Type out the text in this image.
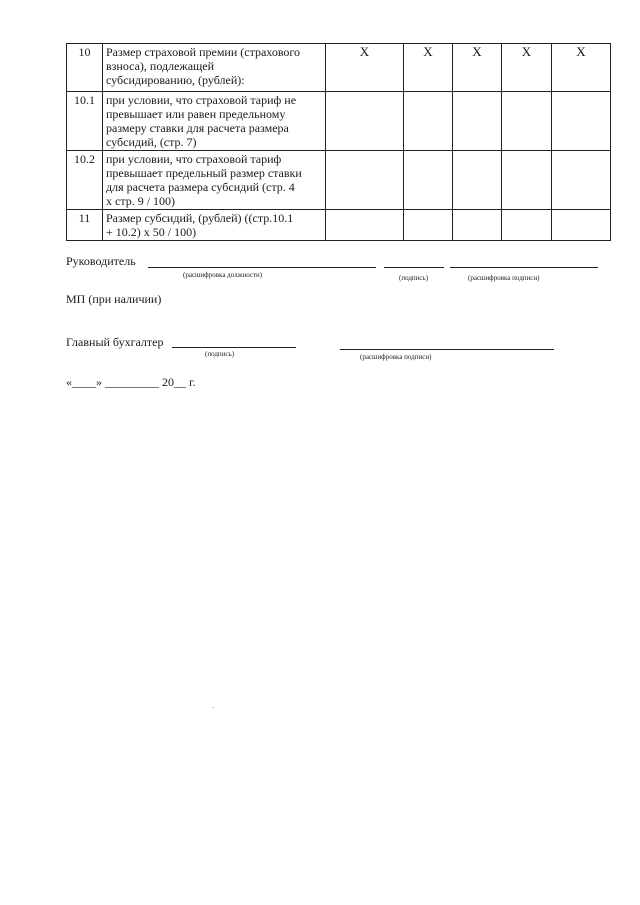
10	Размер страховой премии (страхового
взноса), подлежащей
субсидированию, (рублей):	Х	Х	Х	Х	Х
10.1	при условии, что страховой тариф не
превышает или равен предельному
размеру ставки для расчета размера
субсидий, (стр. 7)					

10.2	при условии, что страховой тариф
превышает предельный размер ставки
для расчета размера субсидий (стр. 4
х стр. 9 / 100)					

11	Размер субсидий, (рублей) ((стр.10.1
+ 10.2) х 50 / 100)					

Руководитель
(расшифровка должности)	(подпись)	(расшифровка подписи)
МП (при наличии)
Главный бухгалтер
(подпись)	(расшифровка подписи)
«____» _________ 20__ г.
